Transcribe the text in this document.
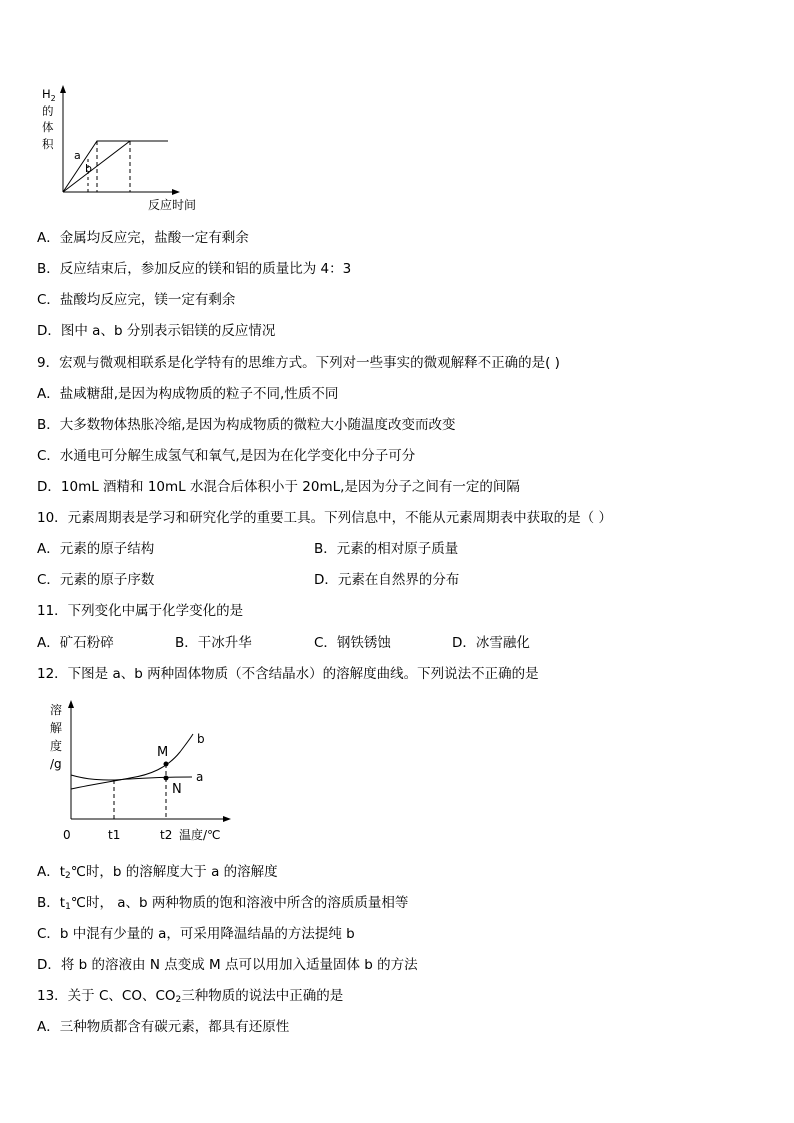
$H_2$
的
体
积
a
b
反应时间
A．金属均反应完，盐酸一定有剩余
B．反应结束后，参加反应的镁和铝的质量比为 4：3
C．盐酸均反应完，镁一定有剩余
D．图中 a、b 分别表示铝镁的反应情况
9．宏观与微观相联系是化学特有的思维方式。下列对一些事实的微观解释不正确的是( )
A．盐咸糖甜,是因为构成物质的粒子不同,性质不同
B．大多数物体热胀冷缩,是因为构成物质的微粒大小随温度改变而改变
C．水通电可分解生成氢气和氧气,是因为在化学变化中分子可分
D．10mL 酒精和 10mL 水混合后体积小于 20mL,是因为分子之间有一定的间隔
10．元素周期表是学习和研究化学的重要工具。下列信息中，不能从元素周期表中获取的是（ ）
A．元素的原子结构	B．元素的相对原子质量
C．元素的原子序数	D．元素在自然界的分布
11．下列变化中属于化学变化的是
A．矿石粉碎	B．干冰升华	C．钢铁锈蚀	D．冰雪融化
12．下图是 a、b 两种固体物质（不含结晶水）的溶解度曲线。下列说法不正确的是
溶
解
度
/g
M
N
b
a
0	t1	t2 温度/℃
A．$t_2℃$时，b 的溶解度大于 a 的溶解度
B．$t_1℃$时， a、b 两种物质的饱和溶液中所含的溶质质量相等
C．b 中混有少量的 a，可采用降温结晶的方法提纯 b
D．将 b 的溶液由 N 点变成 M 点可以用加入适量固体 b 的方法
13．关于 C、CO、$CO_2$三种物质的说法中正确的是
A．三种物质都含有碳元素，都具有还原性
